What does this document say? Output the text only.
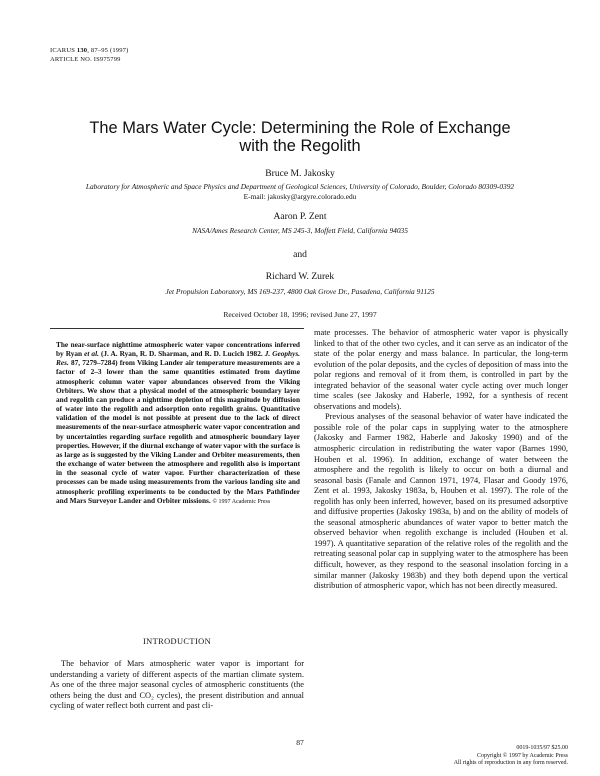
ICARUS 130, 87–95 (1997)
ARTICLE NO. IS975799
The Mars Water Cycle: Determining the Role of Exchange
with the Regolith
Bruce M. Jakosky
Laboratory for Atmospheric and Space Physics and Department of Geological Sciences, University of Colorado, Boulder, Colorado 80309-0392
E-mail: jakosky@argyre.colorado.edu
Aaron P. Zent
NASA/Ames Research Center, MS 245-3, Moffett Field, California 94035
and
Richard W. Zurek
Jet Propulsion Laboratory, MS 169-237, 4800 Oak Grove Dr., Pasadena, California 91125
Received October 18, 1996; revised June 27, 1997
The near-surface nighttime atmospheric water vapor concentrations inferred by Ryan et al. (J. A. Ryan, R. D. Sharman, and R. D. Lucich 1982. J. Geophys. Res. 87, 7279–7284) from Viking Lander air temperature measurements are a factor of 2–3 lower than the same quantities estimated from daytime atmospheric column water vapor abundances observed from the Viking Orbiters. We show that a physical model of the atmospheric boundary layer and regolith can produce a nighttime depletion of this magnitude by diffusion of water into the regolith and adsorption onto regolith grains. Quantitative validation of the model is not possible at present due to the lack of direct measurements of the near-surface atmospheric water vapor concentration and by uncertainties regarding surface regolith and atmospheric boundary layer properties. However, if the diurnal exchange of water vapor with the surface is as large as is suggested by the Viking Lander and Orbiter measurements, then the exchange of water between the atmosphere and regolith also is important in the seasonal cycle of water vapor. Further characterization of these processes can be made using measurements from the various landing site and atmospheric profiling experiments to be conducted by the Mars Pathfinder and Mars Surveyor Lander and Orbiter missions. © 1997 Academic Press
INTRODUCTION

The behavior of Mars atmospheric water vapor is important for understanding a variety of different aspects of the martian climate system. As one of the three major seasonal cycles of atmospheric constituents (the others being the dust and CO₂ cycles), the present distribution and annual cycling of water reflect both current and past cli-

mate processes. The behavior of atmospheric water vapor is physically linked to that of the other two cycles, and it can serve as an indicator of the state of the polar energy and mass balance. In particular, the long-term evolution of the polar deposits, and the cycles of deposition of mass into the polar regions and removal of it from them, is controlled in part by the integrated behavior of the seasonal water cycle acting over much longer time scales (see Jakosky and Haberle, 1992, for a synthesis of recent observations and models).

Previous analyses of the seasonal behavior of water have indicated the possible role of the polar caps in supplying water to the atmosphere (Jakosky and Farmer 1982, Haberle and Jakosky 1990) and of the atmospheric circulation in redistributing the water vapor (Barnes 1990, Houben et al. 1996). In addition, exchange of water between the atmosphere and the regolith is likely to occur on both a diurnal and seasonal basis (Fanale and Cannon 1971, 1974, Flasar and Goody 1976, Zent et al. 1993, Jakosky 1983a, b, Houben et al. 1997). The role of the regolith has only been inferred, however, based on its presumed adsorptive and diffusive properties (Jakosky 1983a, b) and on the ability of models of the seasonal atmospheric abundances of water vapor to better match the observed behavior when regolith exchange is included (Houben et al. 1997). A quantitative separation of the relative roles of the regolith and the retreating seasonal polar cap in supplying water to the atmosphere has been difficult, however, as they respond to the seasonal insolation forcing in a similar manner (Jakosky 1983b) and they both depend upon the vertical distribution of atmospheric vapor, which has not been directly measured.

87
0019-1035/97 $25.00
Copyright © 1997 by Academic Press
All rights of reproduction in any form reserved.
